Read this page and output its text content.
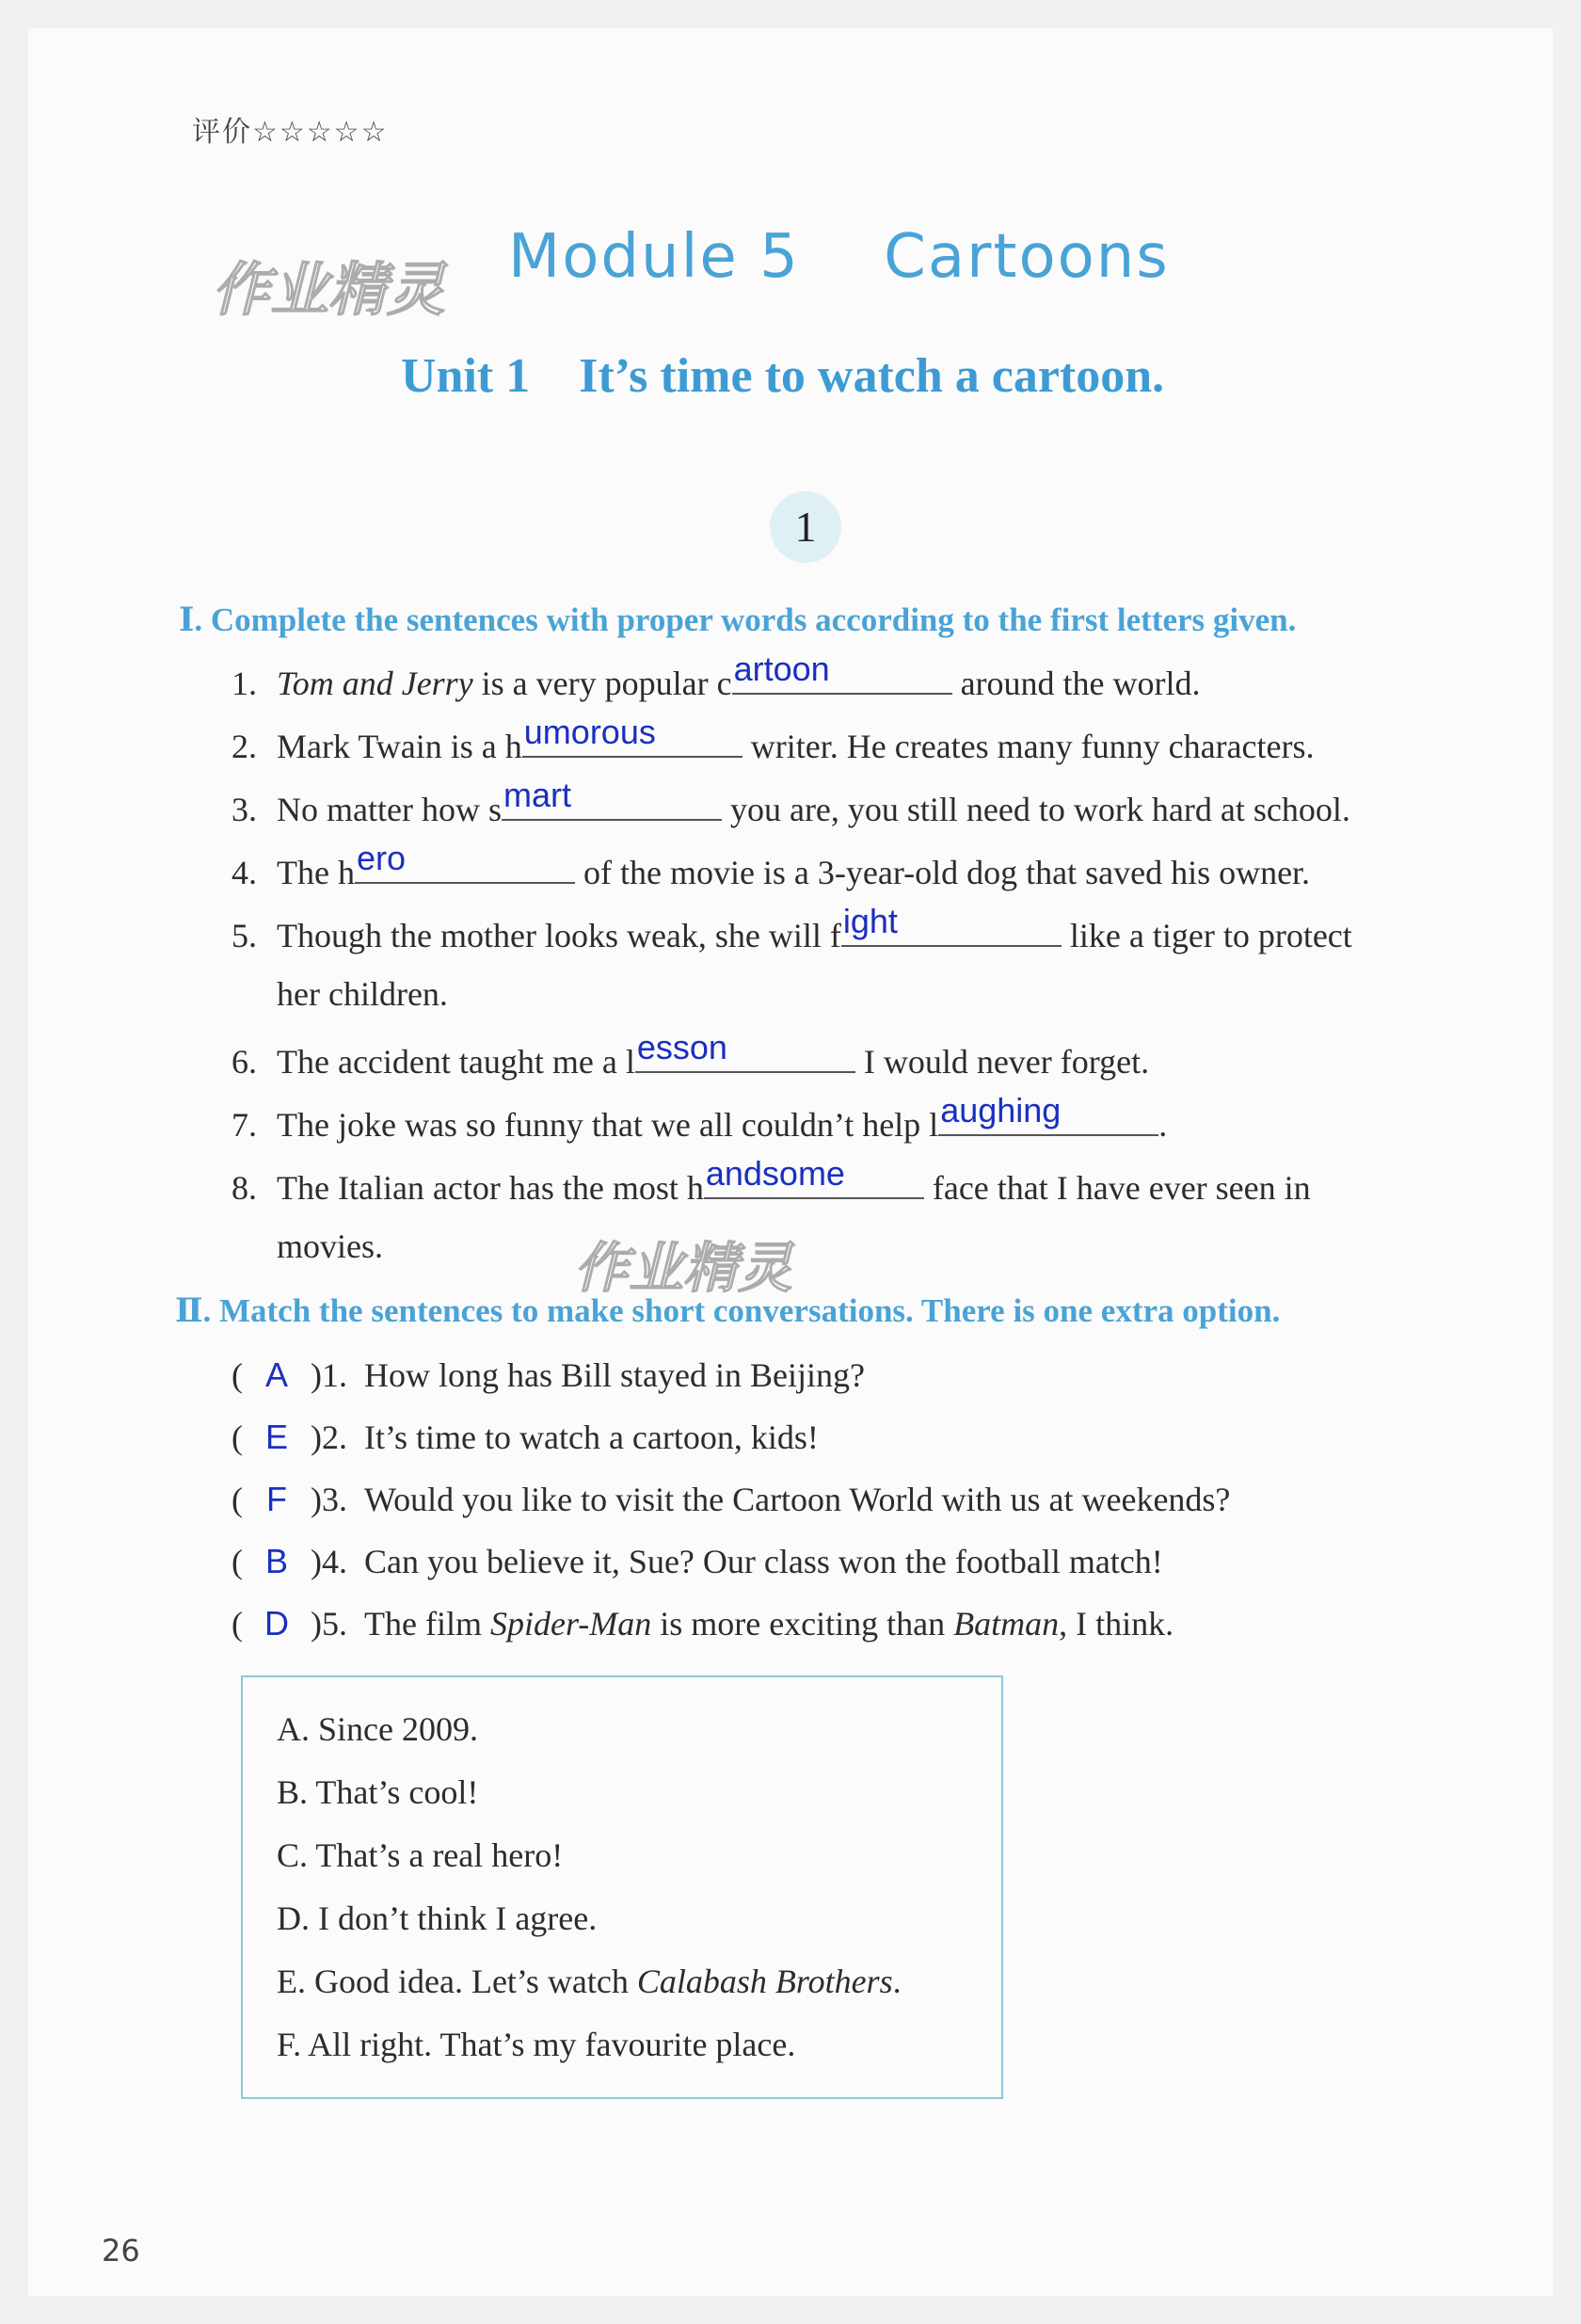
评价☆☆☆☆☆
作业精灵
作业精灵
Module 5    Cartoons
Unit 1    It’s time to watch a cartoon.
1
Ⅰ. Complete the sentences with proper words according to the first letters given.
1. Tom and Jerry is a very popular c artoon	around the world.
2. Mark Twain is a h umorous	writer. He creates many funny characters.
3. No matter how s mart	you are, you still need to work hard at school.
4. The h ero	of the movie is a 3-year-old dog that saved his owner.
5. Though the mother looks weak, she will f ight	like a tiger to protect
her children.
6. The accident taught me a l esson	I would never forget.
7. The joke was so funny that we all couldn’t help l aughing	.
8. The Italian actor has the most h andsome face that I have ever seen in
movies.
Ⅱ. Match the sentences to make short conversations. There is one extra option.
( A )1. How long has Bill stayed in Beijing?
( E )2. It’s time to watch a cartoon, kids!
( F )3. Would you like to visit the Cartoon World with us at weekends?
( B )4. Can you believe it, Sue? Our class won the football match!
( D )5. The film Spider-Man is more exciting than Batman, I think.
A. Since 2009.
B. That’s cool!
C. That’s a real hero!
D. I don’t think I agree.
E. Good idea. Let’s watch Calabash Brothers.
F. All right. That’s my favourite place.
26
